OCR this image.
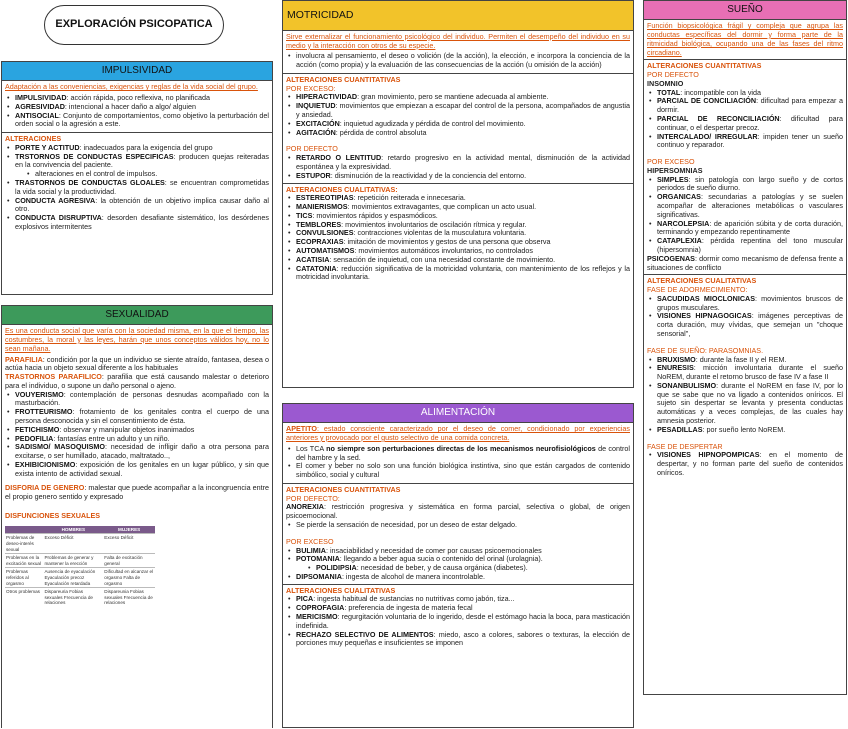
EXPLORACIÓN PSICOPATICA
IMPULSIVIDAD
Adaptación a las conveniencias, exigencias y reglas de la vida social del grupo.
• IMPULSIVIDAD: acción rápida, poco reflexiva, no planificada
• AGRESIVIDAD: intencional a hacer daño a algo/ alguien
• ANTISOCIAL: Conjunto de comportamientos, como objetivo la perturbación del orden social o la agresión a este.
ALTERACIONES
• PORTE Y ACTITUD: inadecuados para la exigencia del grupo
• TRSTORNOS DE CONDUCTAS ESPECIFICAS: producen quejas reiteradas en la convivencia del paciente.
• alteraciones en el control de impulsos.
• TRASTORNOS DE CONDUCTAS GLOALES: se encuentran comprometidas la vida social y la productividad.
• CONDUCTA AGRESIVA: la obtención de un objetivo implica causar daño al otro.
• CONDUCTA DISRUPTIVA: desorden desafiante sistemático, los desórdenes explosivos intermitentes
SEXUALIDAD
Es una conducta social que varía con la sociedad misma, en la que el tiempo, las costumbres, la moral y las leyes, harán que unos conceptos válidos hoy, no lo sean mañana.

PARAFILIA: condición por la que un individuo se siente atraído, fantasea, desea o actúa hacia un objeto sexual diferente a los habituales

TRASTORNOS PARAFILICO: parafilia que está causando malestar o deterioro para el individuo, o supone un daño personal o ajeno.

• VOUYERISMO: contemplación de personas desnudas acompañado con la masturbación.
• FROTTEURISMO: frotamiento de los genitales contra el cuerpo de una persona desconocida y sin el consentimiento de ésta.
• FETICHISMO: observar y manipular objetos inanimados
• PEDOFILIA: fantasías entre un adulto y un niño.
• SADISMO/ MASOQUISMO: necesidad de infligir daño a otra persona para excitarse, o ser humillado, atacado, maltratado..,
• EXHIBICIONISMO: exposición de los genitales en un lugar público, y sin que exista intento de actividad sexual.

DISFORIA DE GENERO: malestar que puede acompañar a la incongruencia entre el propio genero sentido y expresado

DISFUNCIONES SEXUALES
	HOMBRES	MUJERES
Problemas de deseo-interés sexual	Exceso Déficit	Exceso Déficit
Problemas en la excitación sexual	Problemas de generar y mantener la erección	Falta de excitación general
Problemas referidos al orgasmo	Ausencia de eyaculación Eyaculación precoz Eyaculación retardada	Dificultad en alcanzar el orgasmo Falta de orgasmo
Otros problemas	Dispareuria Fobias sexuales Frecuencia de relaciones	Dispareunia Fobias sexuales Frecuencia de relaciones
MOTRICIDAD
Sirve externalizar el funcionamiento psicológico del individuo. Permiten el desempeño del individuo en su medio y la interacción con otros de su especie.
• involucra al pensamiento, el deseo o volición (de la acción), la elección, e incorpora la conciencia de la acción (como propia) y la evaluación de las consecuencias de la acción (u omisión de la acción)
ALTERACIONES CUANTITATIVAS
POR EXCESO:
• HIPERACTIVIDAD: gran movimiento, pero se mantiene adecuada al ambiente.
• INQUIETUD: movimientos que empiezan a escapar del control de la persona, acompañados de angustia y ansiedad.
• EXCITACIÓN: inquietud agudizada y pérdida de control del movimiento.
• AGITACIÓN: pérdida de control absoluta
POR DEFECTO
• RETARDO O LENTITUD: retardo progresivo en la actividad mental, disminución de la actividad espontánea y la expresividad.
• ESTUPOR: disminución de la reactividad y de la conciencia del entorno.
ALTERACIONES CUALITATIVAS:
• ESTEREOTIPIAS: repetición reiterada e innecesaria.
• MANIERISMOS: movimientos extravagantes, que complican un acto usual.
• TICS: movimientos rápidos y espasmódicos.
• TEMBLORES: movimientos involuntarios de oscilación rítmica y regular.
• CONVULSIONES: contracciones violentas de la musculatura voluntaria.
• ECOPRAXIAS: imitación de movimientos y gestos de una persona que observa
• AUTOMATISMOS: movimientos automáticos involuntarios, no controlados
• ACATISIA: sensación de inquietud, con una necesidad constante de movimiento.
• CATATONIA: reducción significativa de la motricidad voluntaria, con mantenimiento de los reflejos y la motricidad involuntaria.
ALIMENTACIÓN
APETITO: estado consciente caracterizado por el deseo de comer, condicionado por experiencias anteriores y provocado por el gusto selectivo de una comida concreta.
• Los TCA no siempre son perturbaciones directas de los mecanismos neurofisiológicos de control del hambre y la sed.
• El comer y beber no solo son una función biológica instintiva, sino que están cargados de contenido simbólico, social y cultural
ALTERACIONES CUANTITATIVAS
POR DEFECTO:

ANOREXIA: restricción progresiva y sistemática en forma parcial, selectiva o global, de origen psicoemocional.

• Se pierde la sensación de necesidad, por un deseo de estar delgado.
POR EXCESO
• BULIMIA: insaciabilidad y necesidad de comer por causas psicoemocionales
• POTOMANIA: llegando a beber agua sucia o contenido del orinal (urolagnia).
• POLIDIPSIA: necesidad de beber, y de causa orgánica (diabetes).
• DIPSOMANIA: ingesta de alcohol de manera incontrolable.
ALTERACIONES CUALITATIVAS
• PICA: ingesta habitual de sustancias no nutritivas como jabón, tiza...
• COPROFAGIA: preferencia de ingesta de materia fecal
• MERICISMO: regurgitación voluntaria de lo ingerido, desde el estómago hacia la boca, para masticación indefinida.
• RECHAZO SELECTIVO DE ALIMENTOS: miedo, asco a colores, sabores o texturas, la elección de porciones muy pequeñas e insuficientes se imponen
SUEÑO
Función biopsicológica frágil y compleja que agrupa las conductas específicas del dormir y forma parte de la ritmicidad biológica, ocupando una de las fases del ritmo circadiano.
ALTERACIONES CUANTITATIVAS
POR DEFECTO
INSOMNIO
• TOTAL: incompatible con la vida
• PARCIAL DE CONCILIACIÓN: dificultad para empezar a dormir.
• PARCIAL DE RECONCILIACIÓN: dificultad para continuar, o el despertar precoz.
• INTERCALADO/ IRREGULAR: impiden tener un sueño continuo y reparador.
POR EXCESO
HIPERSOMNIAS
• SIMPLES: sin patología con largo sueño y de cortos periodos de sueño diurno.
• ORGANICAS: secundarias a patologías y se suelen acompañar de alteraciones metabólicas o vasculares significativas.
• NARCOLEPSIA: de aparición súbita y de corta duración, terminando y empezando repentinamente
• CATAPLEXIA: pérdida repentina del tono muscular (hipersomnia)

PSICOGENAS: dormir como mecanismo de defensa frente a situaciones de conflicto

ALTERACIONES CUALITATIVAS
FASE DE ADORMECIMIENTO:
• SACUDIDAS MIOCLONICAS: movimientos bruscos de grupos musculares.
• VISIONES HIPNAGOGICAS: imágenes perceptivas de corta duración, muy vívidas, que semejan un "choque sensorial",
FASE DE SUEÑO: PARASOMNIAS.
• BRUXISMO: durante la fase II y el REM.
• ENURESIS: micción involuntaria durante el sueño NoREM, durante el retorno brusco de fase IV a fase II
• SONANBULISMO: durante el NoREM en fase IV, por lo que se sabe que no va ligado a contenidos oníricos. El sujeto sin despertar se levanta y presenta conductas automáticas y a veces complejas, de las cuales hay amnesia posterior.
• PESADILLAS: por sueño lento NoREM.
FASE DE DESPERTAR
• VISIONES HIPNOPOMPICAS: en el momento de despertar, y no forman parte del sueño de contenidos oníricos.
